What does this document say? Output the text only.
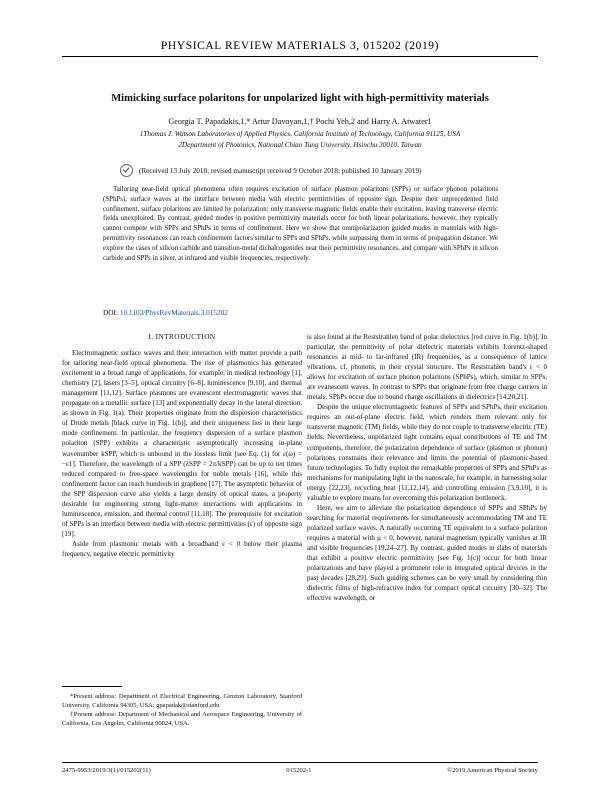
PHYSICAL REVIEW MATERIALS 3, 015202 (2019)
Mimicking surface polaritons for unpolarized light with high-permittivity materials
Georgia T. Papadakis,1,* Artur Davoyan,1,† Pochi Yeh,2 and Harry A. Atwater1
1Thomas J. Watson Laboratories of Applied Physics, California Institute of Technology, California 91125, USA
2Department of Photonics, National Chiao Tung University, Hsinchu 30010, Taiwan
(Received 13 July 2018; revised manuscript received 9 October 2018; published 10 January 2019)
Tailoring near-field optical phenomena often requires excitation of surface plasmon polaritons (SPPs) or surface phonon polaritons (SPhPs), surface waves at the interface between media with electric permittivities of opposite sign. Despite their unprecedented field confinement, surface polaritons are limited by polarization: only transverse magnetic fields enable their excitation, leaving transverse electric fields unexploited. By contrast, guided modes in positive permittivity materials occur for both linear polarizations, however, they typically cannot compete with SPPs and SPhPs in terms of confinement. Here we show that omnipolarization guided modes in materials with high-permittivity resonances can reach confinement factors similar to SPPs and SPhPs, while surpassing them in terms of propagation distance. We explore the cases of silicon carbide and transition-metal dichalcogenides near their permittivity resonances, and compare with SPhPs in silicon carbide and SPPs in silver, at infrared and visible frequencies, respectively.
DOI: 10.1103/PhysRevMaterials.3.015202
I. INTRODUCTION

Electromagnetic surface waves and their interaction with matter provide a path for tailoring near-field optical phenomena. The rise of plasmonics has generated excitement in a broad range of applications, for example, in medical technology [1], chemistry [2], lasers [3–5], optical circuitry [6–8], luminescence [9,10], and thermal management [11,12]. Surface plasmons are evanescent electromagnetic waves that propagate on a metallic surface [13] and exponentially decay in the lateral direction, as shown in Fig. 1(a). Their properties originate from the dispersion characteristics of Drude metals [black curve in Fig. 1(b)], and their uniqueness lies in their large mode confinement. In particular, the frequency dispersion of a surface plasmon polariton (SPP) exhibits a characteristic asymptotically increasing in-plane wavenumber kSPP, which is unbound in the lossless limit [see Eq. (1) for ε(ω) = −ε1]. Therefore, the wavelength of a SPP (λSPP = 2π/kSPP) can be up to ten times reduced compared to free-space wavelengths for noble metals [16], while this confinement factor can reach hundreds in graphene [17]. The asymptotic behavior of the SPP dispersion curve also yields a large density of optical states, a property desirable for engineering strong light-matter interactions with applications in luminescence, emission, and thermal control [11,18]. The prerequisite for excitation of SPPs is an interface between media with electric permittivities (ε) of opposite sign [19].

Aside from plasmonic metals with a broadband ε < 0 below their plasma frequency, negative electric permittivity

is also found at the Reststrahlen band of polar dielectrics [red curve in Fig. 1(b)]. In particular, the permittivity of polar dielectric materials exhibits Lorentz-shaped resonances at mid- to far-infrared (IR) frequencies, as a consequence of lattice vibrations, cf. phonons, in their crystal structure. The Reststrahlen band's ε < 0 allows for excitation of surface phonon polaritons (SPhPs), which, similar to SPPs, are evanescent waves. In contrast to SPPs that originate from free charge carriers in metals, SPhPs occur due to bound charge oscillations in dielectrics [14,20,21].

Despite the unique electromagnetic features of SPPs and SPhPs, their excitation requires an out-of-plane electric field, which renders them relevant only for transverse magnetic (TM) fields, while they do not couple to transverse electric (TE) fields. Nevertheless, unpolarized light contains equal contributions of TE and TM components, therefore, the polarization dependence of surface (plasmon or phonon) polaritons constrains their relevance and limits the potential of plasmonic-based future technologies. To fully exploit the remarkable properties of SPPs and SPhPs as mechanisms for manipulating light in the nanoscale, for example, in harnessing solar energy [22,23], recycling heat [11,12,14], and controlling emission [3,9,10], it is valuable to explore means for overcoming this polarization bottleneck.

Here, we aim to alleviate the polarization dependence of SPPs and SPhPs by searching for material requirements for simultaneously accommodating TM and TE polarized surface waves. A naturally occurring TE equivalent to a surface polariton requires a material with μ < 0, however, natural magnetism typically vanishes at IR and visible frequencies [19,24–27]. By contrast, guided modes in slabs of materials that exhibit a positive electric permittivity [see Fig. 1(c)] occur for both linear polarizations and have played a prominent role in integrated optical devices in the past decades [28,29]. Such guiding schemes can be very small by considering thin dielectric films of high-refractive index for compact optical circuitry [30–32]. The effective wavelength, or

*Present address: Department of Electrical Engineering, Ginzton Laboratory, Stanford University, California 94305, USA; gpapadak@stanford.edu

†Present address: Department of Mechanical and Aerospace Engineering, University of California, Los Angeles, California 90024, USA.

2475-9953/2019/3(1)/015202(11)	015202-1	©2019 American Physical Society
